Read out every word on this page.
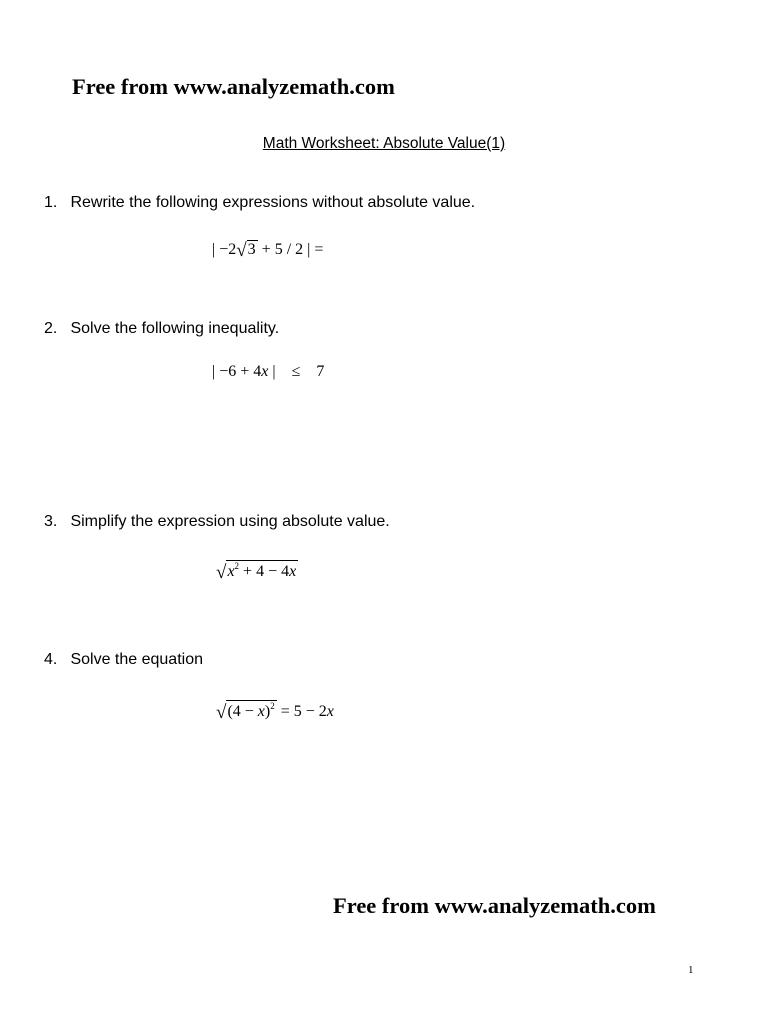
Free from www.analyzemath.com
Math Worksheet: Absolute Value(1)
1. Rewrite the following expressions without absolute value.
| −2√3 + 5 / 2 | =
2. Solve the following inequality.
| −6 + 4x |    ≤    7
3. Simplify the expression using absolute value.
$√x^2 + 4 - 4x$
4. Solve the equation
$√(4 - x)^2 = 5 - 2x$
Free from www.analyzemath.com
1
